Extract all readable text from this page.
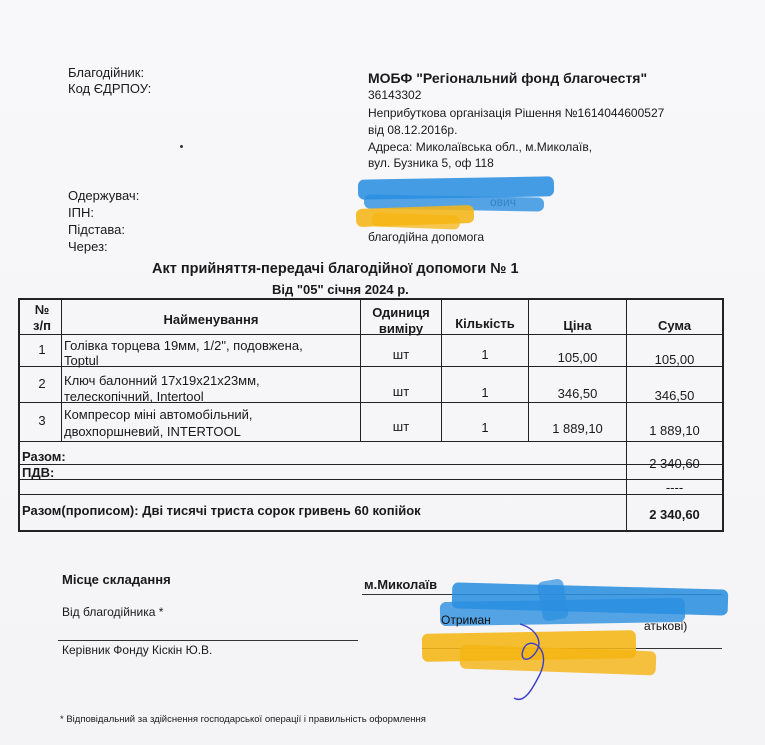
Благодійник:
Код ЄДРПОУ:
МОБФ "Регіональний фонд благочестя"
36143302
Неприбуткова організація Рішення №1614044600527
від 08.12.2016р.
Адреса: Миколаївська обл., м.Миколаїв,
вул. Бузника 5, оф 118
Одержувач:
ІПН:
Підстава:
Через:
благодійна допомога
Акт прийняття-передачі благодійної допомоги № 1
Від "05" січня 2024 р.
№
з/п	Найменування	Одиниця
виміру	Кількість	Ціна	Сума
1	Голівка торцева 19мм, 1/2", подовжена,
Toptul	шт	1	105,00	105,00
2	Ключ балонний 17х19х21х23мм,
телескопічний, Intertool	шт	1	346,50	346,50
3	Компресор міні автомобільний,
двохпоршневий, INTERTOOL	шт	1	1 889,10	1 889,10
Разом:	2 340,60
ПДВ:
----
Разом(прописом): Дві тисячі триста сорок гривень 60 копійок	2 340,60
Місце складання	м.Миколаїв
Від благодійника *
Отриман	атькові)
Керівник Фонду Кіскін Ю.В.
* Відповідальний за здійснення господарської операції і правильність оформлення
